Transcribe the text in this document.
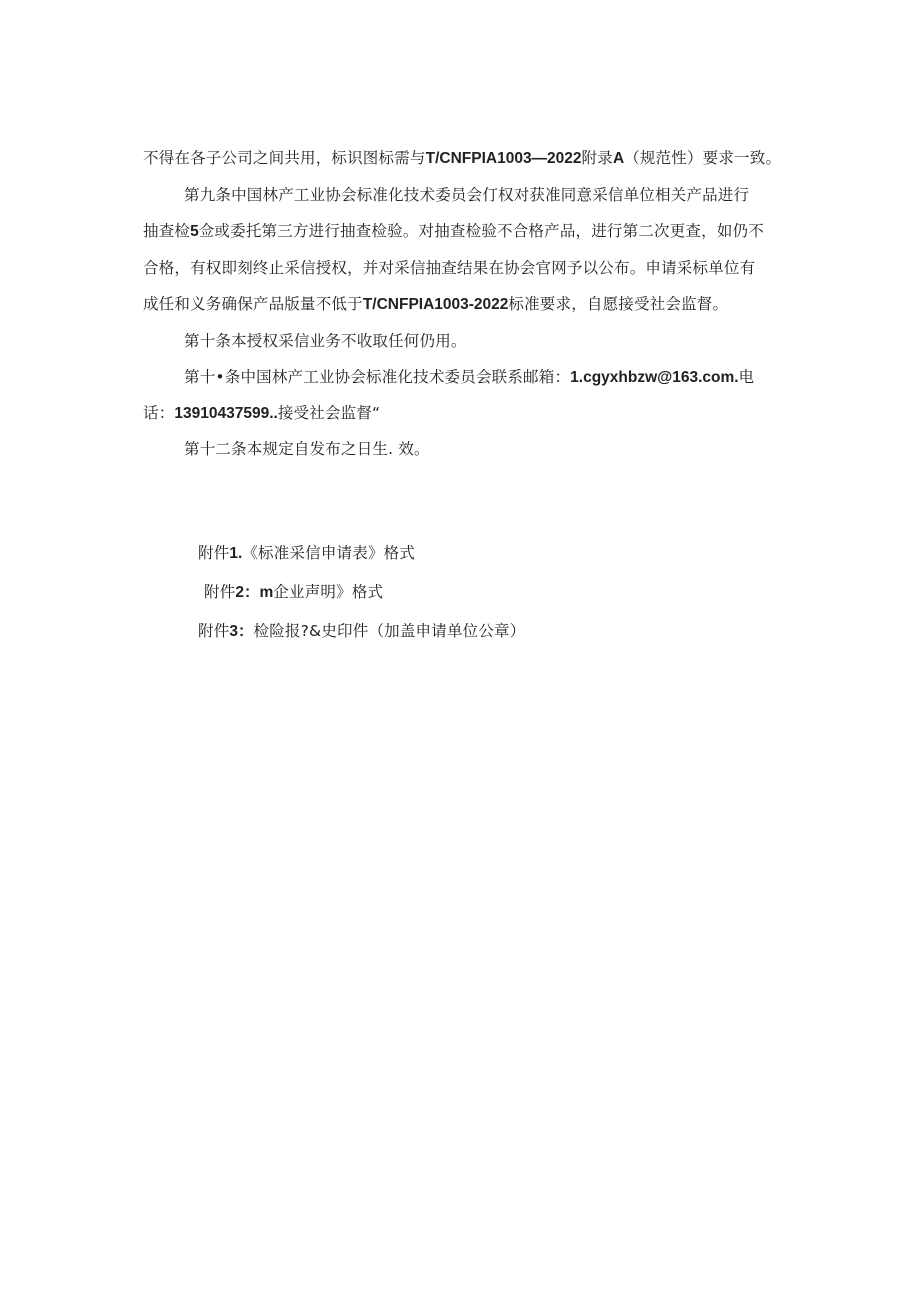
不得在各子公司之间共用，标识图标需与T/CNFPIA1003—2022附录A（规范性）要求一致。
第九条中国林产工业协会标准化技术委员会仃权对获准同意采信单位相关产品进行
抽查检5佥或委托第三方进行抽查检验。对抽查检验不合格产品，进行第二次更查，如仍不
合格，有权即刻终止采信授权，并对采信抽查结果在协会官网予以公布。申请采标单位有
成任和义务确保产品版量不低于T/CNFPIA1003-2022标准要求，自愿接受社会监督。
第十条本授权采信业务不收取任何仍用。
第十•条中国林产工业协会标准化技术委员会联系邮箱：1.cgyxhbzw@163.com.电
话：13910437599..接受社会监督“
第十二条本规定自发布之日生. 效。
附件1.《标准采信申请表》格式
附件2：m企业声明》格式
附件3：检险报?&史印件（加盖申请单位公章）
